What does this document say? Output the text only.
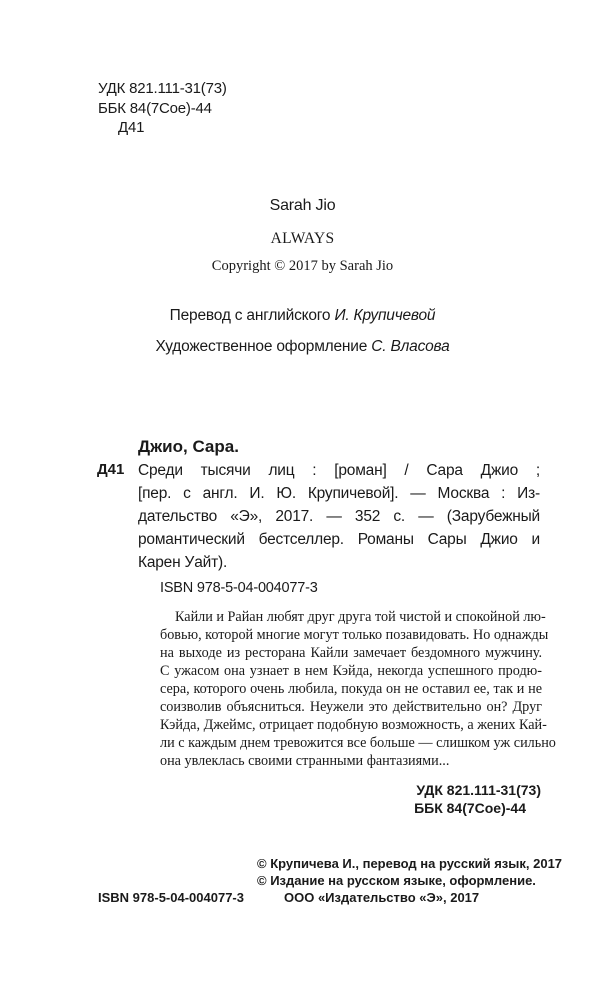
УДК 821.111-31(73)
ББК 84(7Сое)-44
Д41
Sarah Jio
ALWAYS
Copyright © 2017 by Sarah Jio
Перевод с английского И. Крупичевой
Художественное оформление С. Власова
Джио, Сара.
Д41 Среди тысячи лиц : [роман] / Сара Джио ;
[пер. с англ. И. Ю. Крупичевой]. — Москва : Из-
дательство «Э», 2017. — 352 с. — (Зарубежный
романтический бестселлер. Романы Сары Джио и
Карен Уайт).
ISBN 978-5-04-004077-3
Кайли и Райан любят друг друга той чистой и спокойной лю-
бовью, которой многие могут только позавидовать. Но однажды
на выходе из ресторана Кайли замечает бездомного мужчину.
С ужасом она узнает в нем Кэйда, некогда успешного продю-
сера, которого очень любила, покуда он не оставил ее, так и не
соизволив объясниться. Неужели это действительно он? Друг
Кэйда, Джеймс, отрицает подобную возможность, а жених Кай-
ли с каждым днем тревожится все больше — слишком уж сильно
она увлеклась своими странными фантазиями...
УДК 821.111-31(73)
ББК 84(7Сое)-44
© Крупичева И., перевод на русский язык, 2017
© Издание на русском языке, оформление.
ООО «Издательство «Э», 2017
ISBN 978-5-04-004077-3
